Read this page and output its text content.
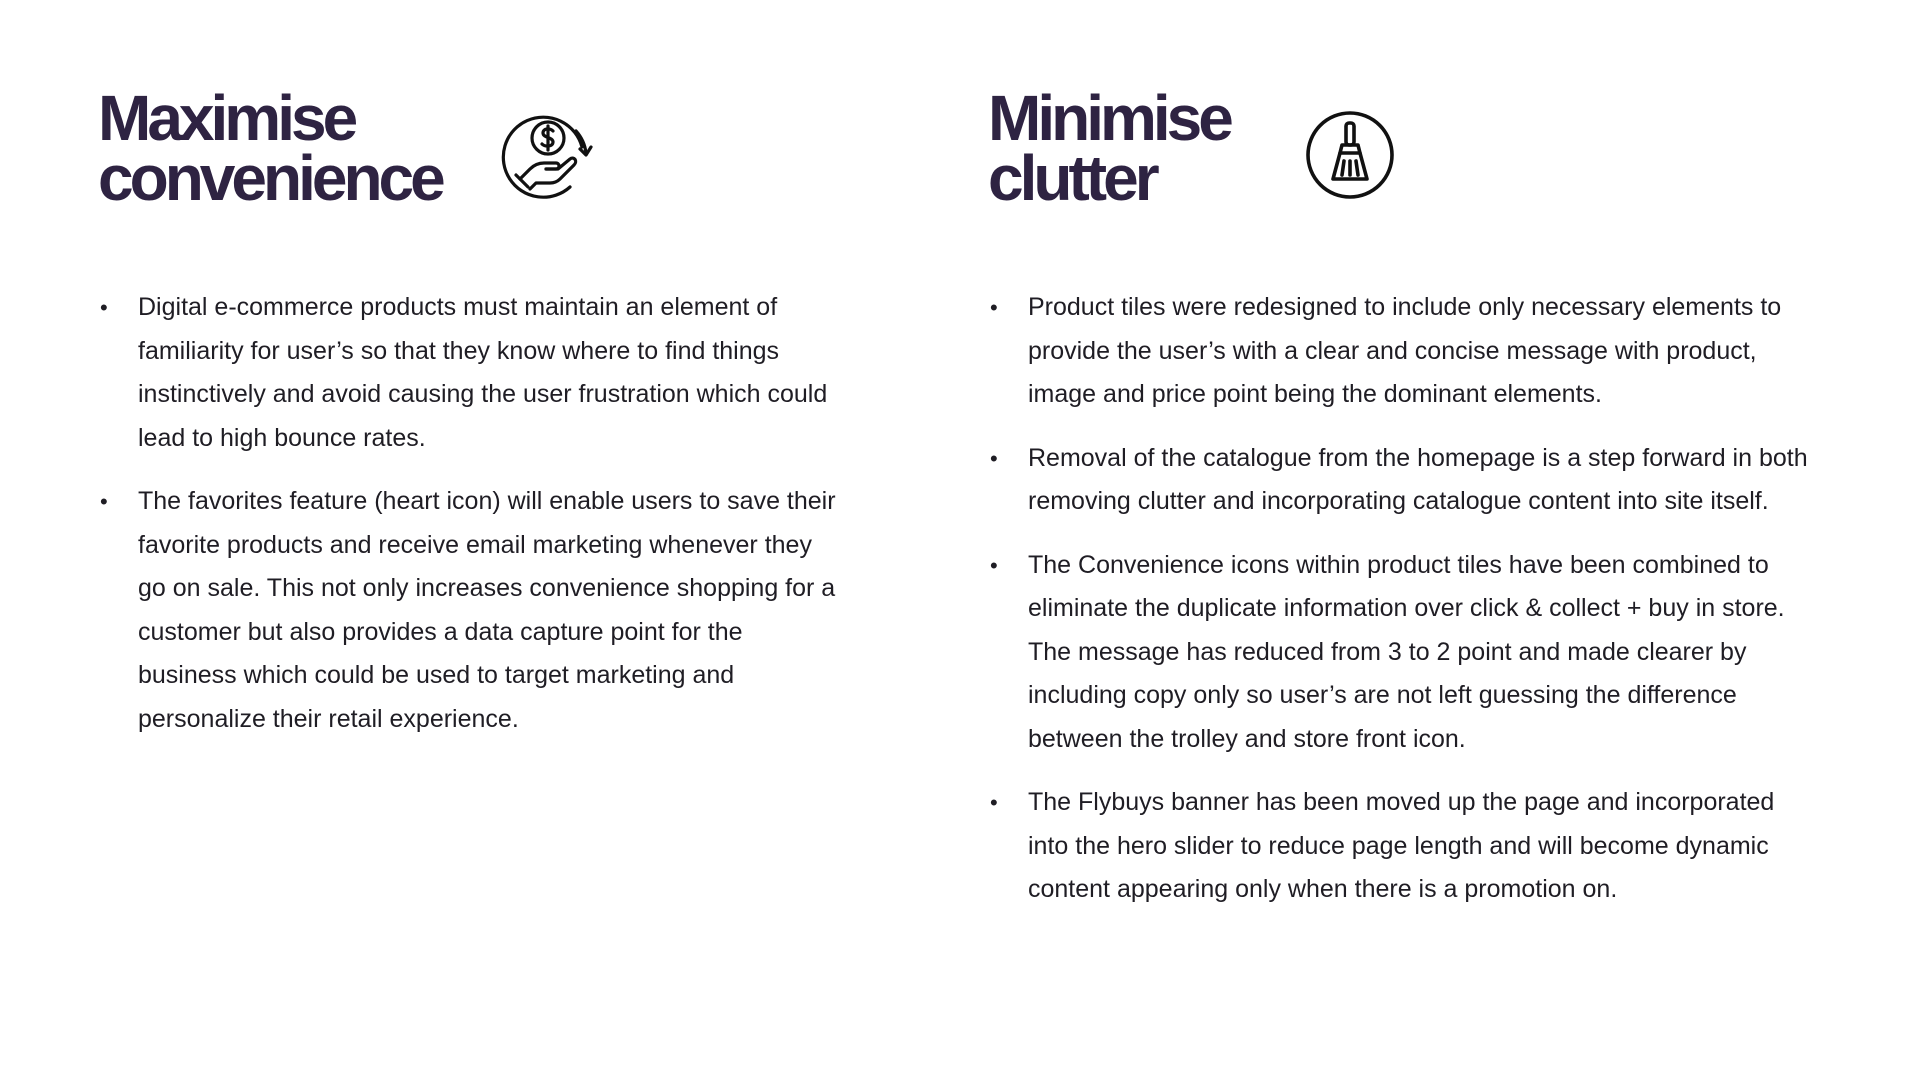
Maximise
convenience
• Digital e-commerce products must maintain an element of familiarity for user’s so that they know where to find things instinctively and avoid causing the user frustration which could lead to high bounce rates.
• The favorites feature (heart icon) will enable users to save their favorite products and receive email marketing whenever they go on sale. This not only increases convenience shopping for a customer but also provides a data capture point for the business which could be used to target marketing and personalize their retail experience.
Minimise
clutter
• Product tiles were redesigned to include only necessary elements to provide the user’s with a clear and concise message with product, image and price point being the dominant elements.
• Removal of the catalogue from the homepage is a step forward in both removing clutter and incorporating catalogue content into site itself.
• The Convenience icons within product tiles have been combined to eliminate the duplicate information over click & collect + buy in store. The message has reduced from 3 to 2 point and made clearer by including copy only so user’s are not left guessing the difference between the trolley and store front icon.
• The Flybuys banner has been moved up the page and incorporated into the hero slider to reduce page length and will become dynamic content appearing only when there is a promotion on.
